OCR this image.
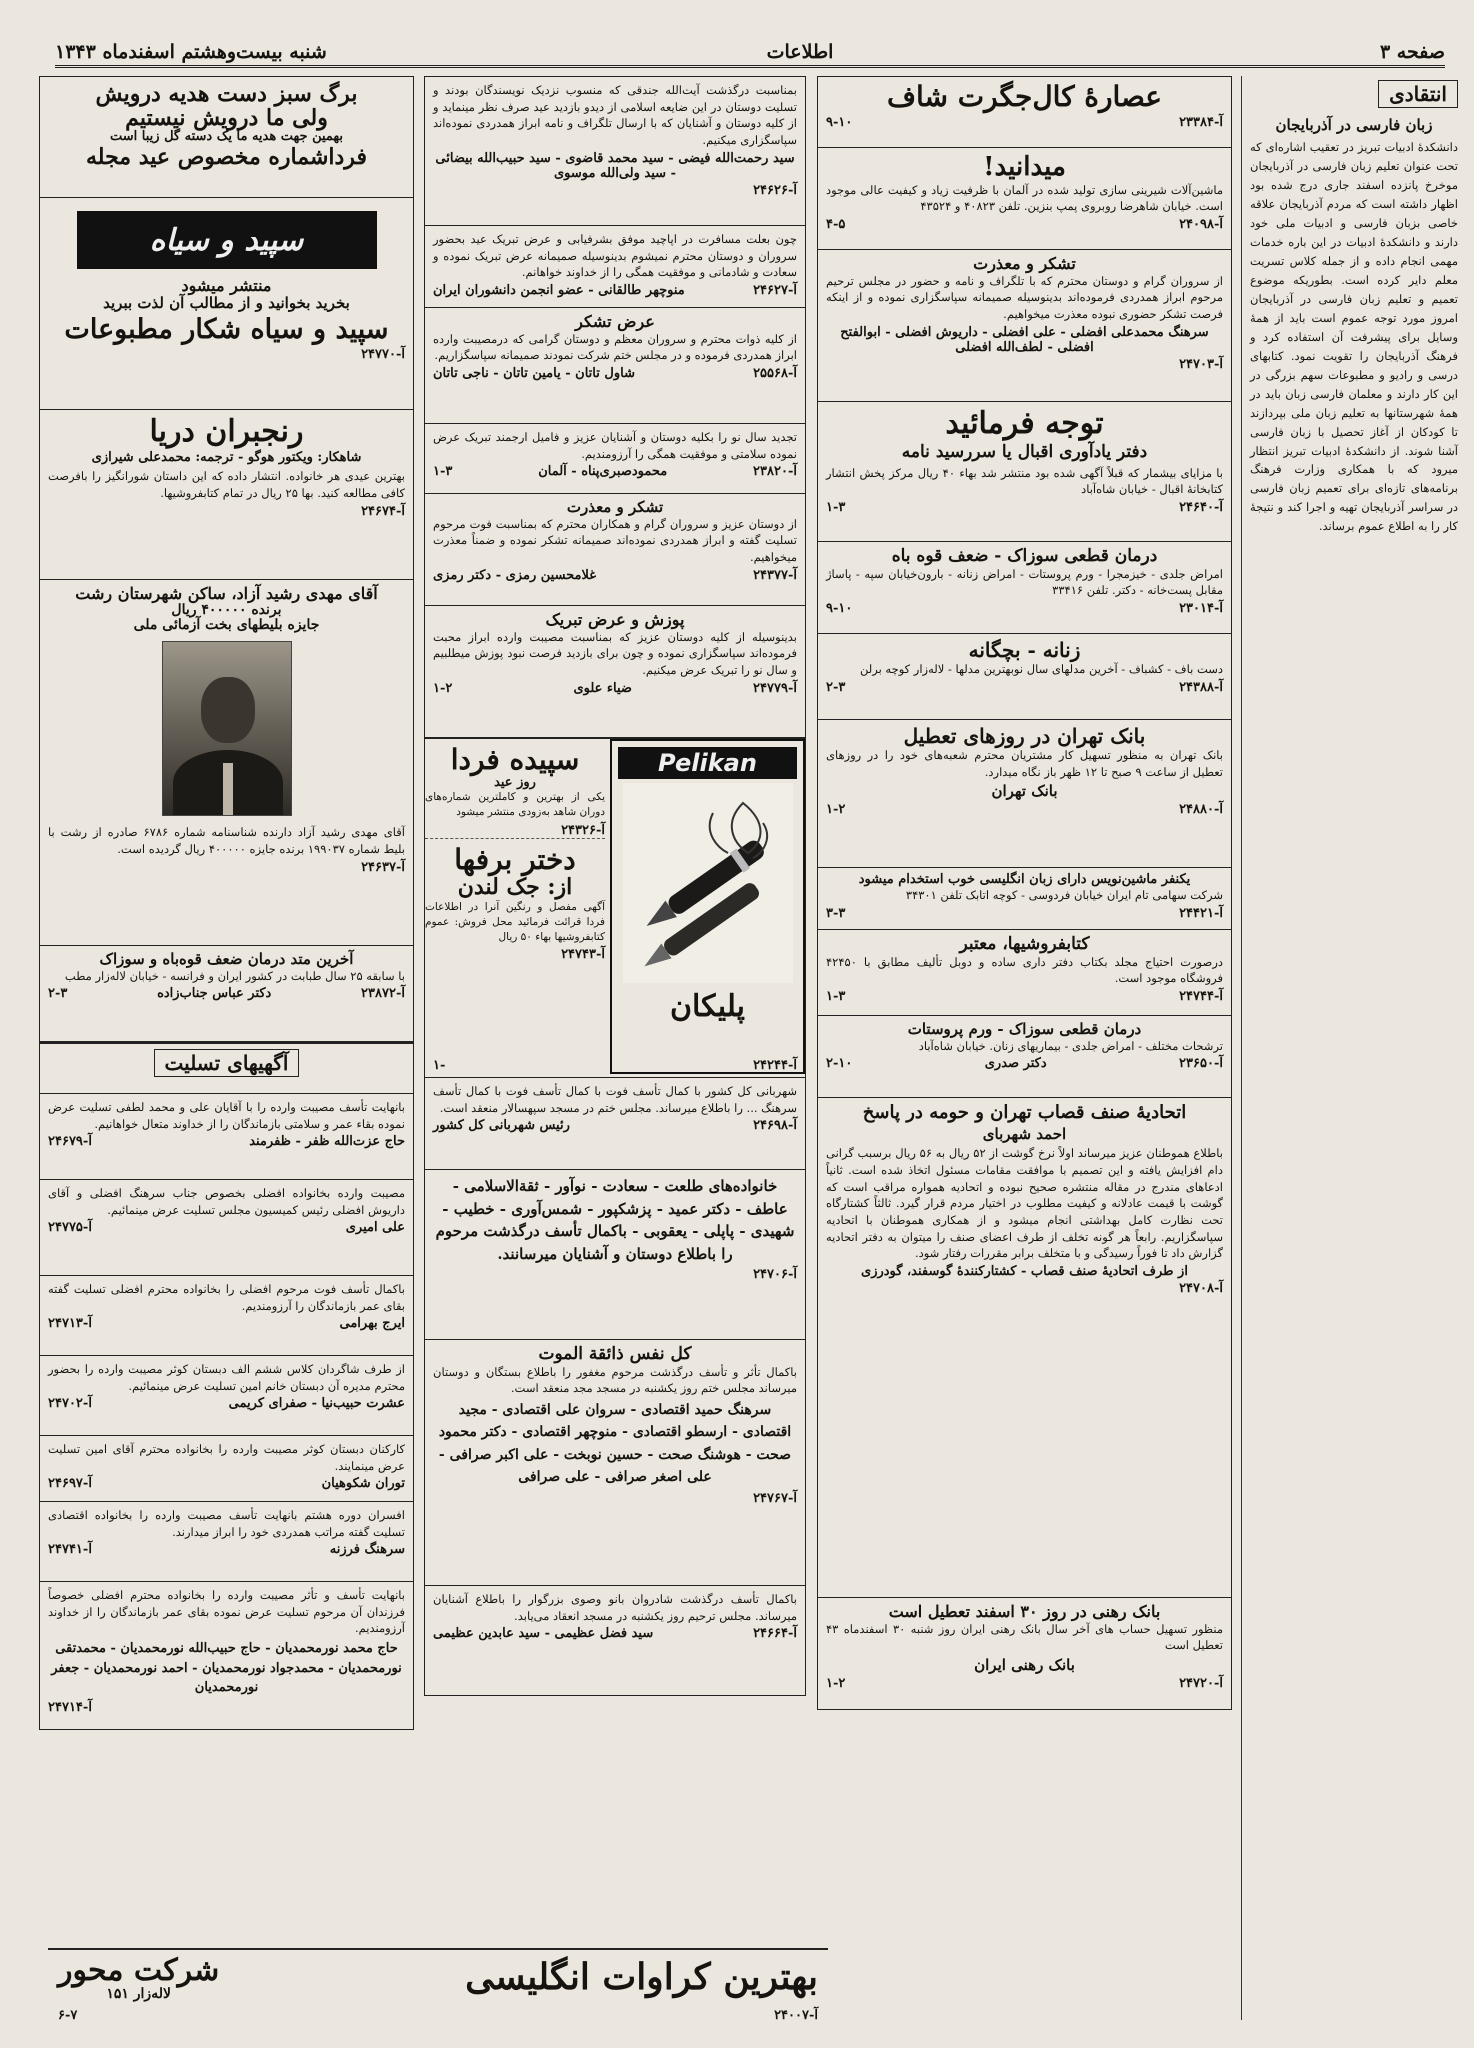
صفحه ۳
اطلاعات
شنبه بیست‌وهشتم اسفندماه ۱۳۴۳
انتقادی
زبان فارسی در آذربایجان
دانشکدهٔ ادبیات تبریز در تعقیب اشاره‌ای که تحت عنوان تعلیم زبان فارسی در آذربایجان موخرخ پانزده اسفند جاری درج شده بود اظهار داشته است که مردم آذربایجان علاقه خاصی بزبان فارسی و ادبیات ملی خود دارند و دانشکدهٔ ادبیات در این باره خدمات مهمی انجام داده و از جمله کلاس تسریت معلم دایر کرده است. بطوریکه موضوع تعمیم و تعلیم زبان فارسی در آذربایجان امروز مورد توجه عموم است باید از همهٔ وسایل برای پیشرفت آن استفاده کرد و فرهنگ آذربایجان را تقویت نمود. کتابهای درسی و رادیو و مطبوعات سهم بزرگی در این کار دارند و معلمان فارسی زبان باید در همهٔ شهرستانها به تعلیم زبان ملی بپردازند تا کودکان از آغاز تحصیل با زبان فارسی آشنا شوند. از دانشکدهٔ ادبیات تبریز انتظار میرود که با همکاری وزارت فرهنگ برنامه‌های تازه‌ای برای تعمیم زبان فارسی در سراسر آذربایجان تهیه و اجرا کند و نتیجهٔ کار را به اطلاع عموم برساند.
عصارهٔ کال‌جگرت شاف
۹-۱۰	آ-۲۳۳۸۴
میدانید!
ماشین‌آلات شیرینی سازی تولید شده در آلمان با ظرفیت زیاد و کیفیت عالی موجود است. خیابان شاهرضا روبروی پمپ بنزین. تلفن ۴۰۸۲۳ و ۴۳۵۲۴
۴-۵	آ-۲۴۰۹۸
تشکر و معذرت
از سروران گرام و دوستان محترم که با تلگراف و نامه و حضور در مجلس ترحیم مرحوم ابراز همدردی فرموده‌اند بدینوسیله صمیمانه سپاسگزاری نموده و از اینکه فرصت تشکر حضوری نبوده معذرت میخواهیم.
سرهنگ محمدعلی افضلی - علی افضلی - داریوش افضلی - ابوالفتح افضلی - لطف‌الله افضلی
آ-۲۴۷۰۳
توجه فرمائید
دفتر یادآوری اقبال یا سررسید نامه
با مزایای بیشمار که قبلاً آگهی شده بود منتشر شد بهاء ۴۰ ریال مرکز پخش انتشار کتابخانهٔ اقبال - خیابان شاه‌آباد
۱-۳	آ-۲۴۶۴۰
درمان قطعی سوزاک - ضعف قوه باه
امراض جلدی - خیزمجرا - ورم پروستات - امراض زنانه - بارون‌خیابان سپه - پاساژ مقابل پست‌خانه - دکتر. تلفن ۳۳۴۱۶
۹-۱۰	آ-۲۳۰۱۴
زنانه - بچگانه
دست باف - کشباف - ‌آخرین مدلهای سال نوبهترین مدلها - لاله‌زار کوچه برلن
۲-۳	آ-۲۴۳۸۸
بانک تهران در روزهای تعطیل
بانک تهران به منظور تسهیل کار مشتریان محترم شعبه‌های خود را در روزهای تعطیل از ساعت ۹ صبح تا ۱۲ ظهر باز نگاه میدارد.
بانک تهران
۱-۲	آ-۲۴۸۸۰
یکنفر ماشین‌نویس دارای زبان انگلیسی خوب استخدام میشود
شرکت سهامی تام ایران خیابان فردوسی - کوچه اتابک تلفن ۳۴۳۰۱
۳-۳	آ-۲۴۴۲۱
کتابفروشیها، معتبر
درصورت احتیاج مجلد بکتاب دفتر داری ساده و دوبل تألیف مطابق با ۴۲۴۵۰ فروشگاه موجود است.
۱-۳	آ-۲۴۷۴۴
درمان قطعی سوزاک - ورم پروستات
ترشحات مختلف - امراض جلدی - بیماریهای زنان. خیابان شاه‌آباد
۲-۱۰	دکتر صدری	آ-۲۳۶۵۰
اتحادیهٔ صنف قصاب تهران و حومه در پاسخ
احمد شهربای
باطلاع هموطنان عزیز میرساند اولاً نرخ گوشت از ۵۲ ریال به ۵۶ ریال برسبب گرانی دام افزایش یافته و این تصمیم با موافقت مقامات مسئول اتخاذ شده است. ثانیاً ادعاهای مندرج در مقاله منتشره صحیح نبوده و اتحادیه همواره مراقب است که گوشت با قیمت عادلانه و کیفیت مطلوب در اختیار مردم قرار گیرد. ثالثاً کشتارگاه تحت نظارت کامل بهداشتی انجام میشود و از همکاری هموطنان با اتحادیه سپاسگزاریم. رابعاً هر گونه تخلف از طرف اعضای صنف را میتوان به دفتر اتحادیه گزارش داد تا فوراً رسیدگی و با متخلف برابر مقررات رفتار شود.
از طرف اتحادیهٔ صنف قصاب - کشتارکنندهٔ گوسفند، گودرزی
آ-۲۴۷۰۸
بانک رهنی در روز ۳۰ اسفند تعطیل است
منظور تسهیل حساب های آخر سال بانک رهنی ایران روز شنبه ۳۰ اسفندماه ۴۳ تعطیل است
بانک رهنی ایران
۱-۲	آ-۲۴۷۲۰
بمناسبت درگذشت آیت‌الله جندقی که منسوب نزدیک نویسندگان بودند و تسلیت دوستان در این ضایعه اسلامی از دیدو بازدید عید صرف نظر مینماید و از کلیه دوستان و آشنایان که با ارسال تلگراف و نامه ابراز همدردی نموده‌اند سپاسگزاری میکنیم.
سید رحمت‌الله فیضی - سید محمد قاضوی - سید حبیب‌الله بیضائی - سید ولی‌الله موسوی
آ-۲۴۶۲۶
چون بعلت مسافرت در اپاچید موفق بشرفیابی و عرض تبریک عید بحضور سروران و دوستان محترم نمیشوم بدینوسیله صمیمانه عرض تبریک نموده و سعادت و شادمانی و موفقیت همگی را از خداوند خواهانم.
منوچهر طالقانی - عضو انجمن دانشوران ایران	آ-۲۴۶۲۷
عرض تشکر
از کلیه ذوات محترم و سروران معظم و دوستان گرامی که درمصیبت وارده ابراز همدردی فرموده و در مجلس ختم شرکت نمودند صمیمانه سپاسگزاریم.
شاول تاتان - یامین تاتان - ناجی تاتان	آ-۲۵۵۶۸
تجدید سال نو را بکلیه دوستان و آشنایان عزیز و فامیل ارجمند تبریک عرض نموده سلامتی و موفقیت همگی را آرزومندیم.
۱-۳	محمودصبری‌پناه - آلمان	آ-۲۳۸۲۰
تشکر و معذرت
از دوستان عزیز و سروران گرام و همکاران محترم که بمناسبت فوت مرحوم تسلیت گفته و ابراز همدردی نموده‌اند صمیمانه تشکر نموده و ضمناً معذرت میخواهیم.
غلامحسین رمزی - دکتر رمزی	آ-۲۴۳۷۷
پوزش و عرض تبریک
بدینوسیله از کلیه دوستان عزیز که بمناسبت مصیبت وارده ابراز محبت فرموده‌اند سپاسگزاری نموده و چون برای بازدید فرصت نبود پوزش میطلبیم و سال نو را تبریک عرض میکنیم.
۱-۲	ضیاء علوی	آ-۲۴۷۷۹
Pelikan
پلیکان
سپیده فردا
روز عید
یکی از بهترین و کاملترین شماره‌های دوران شاهد به‌زودی منتشر میشود
آ-۲۴۳۲۶
دختر برفها
از: جک لندن
آگهی مفصل و رنگین آنرا در اطلاعات فردا قرائت فرمائید محل فروش: عموم کتابفروشیها بهاء ۵۰ ریال
آ-۲۴۷۴۳
۱-	آ-۲۴۲۴۴
شهربانی کل کشور با کمال تأسف فوت با کمال تأسف فوت با کمال تأسف سرهنگ ... را باطلاع میرساند. مجلس ختم در مسجد سپهسالار منعقد است.
رئیس شهربانی کل کشور	آ-۲۴۶۹۸
خانواده‌های طلعت - سعادت - نوآور - ثقة‌الاسلامی - عاطف - دکتر عمید - پزشکپور - شمس‌آوری - خطیب - شهیدی - پاپلی - یعقوبی - باکمال تأسف درگذشت مرحوم را باطلاع دوستان و آشنایان میرسانند.
آ-۲۴۷۰۶
کل نفس ذائقة الموت
باکمال تأثر و تأسف درگذشت مرحوم مغفور را باطلاع بستگان و دوستان میرساند مجلس ختم روز یکشنبه در مسجد مجد منعقد است.
سرهنگ حمید اقتصادی - سروان علی اقتصادی - مجید اقتصادی - ارسطو اقتصادی - منوچهر اقتصادی - دکتر محمود صحت - هوشنگ صحت - حسین نوبخت - علی اکبر صرافی - علی اصغر صرافی - علی صرافی
آ-۲۴۷۶۷
باکمال تأسف درگذشت شادروان بانو وصوی بزرگوار را باطلاع آشنایان میرساند. مجلس ترحیم روز یکشنبه در مسجد انعقاد می‌یابد.
سید فضل عظیمی - سید عابدین عظیمی	آ-۲۴۶۶۴
برگ سبز دست هدیه درویش
ولی ما درویش نیستیم
بهمین جهت هدیه ما یک دسته گل زیبا است
فرداشماره مخصوص عید مجله
سپید و سیاه
منتشر میشود
بخرید بخوانید و از مطالب آن لذت ببرید
سپید و سیاه شکار مطبوعات
آ-۲۴۷۷۰
رنجبران دریا
شاهکار: ویکتور هوگو - ترجمه: محمدعلی شیرازی
بهترین عیدی هر خانواده. انتشار داده که این داستان شورانگیز را بافرصت کافی مطالعه کنید. بها ۲۵ ریال در تمام کتابفروشیها.
آ-۲۴۶۷۴
آقای مهدی رشید آزاد، ساکن شهرستان رشت
برنده ۴۰۰۰۰۰ ریال
جایزه بلیطهای بخت آزمائی ملی
آقای مهدی رشید آزاد دارنده شناسنامه شماره ۶۷۸۶ صادره از رشت با بلیط شماره ۱۹۹۰۳۷ برنده جایزه ۴۰۰۰۰۰ ریال گردیده است.
آ-۲۴۶۳۷
آخرین متد درمان ضعف قوه‌باه و سوزاک
با سابقه ۲۵ سال طبابت در کشور ایران و فرانسه - خیابان لاله‌زار مطب
۲-۳	دکتر عباس جناب‌زاده	آ-۲۳۸۷۲
آگهیهای تسلیت
بانهایت تأسف مصیبت وارده را با آقایان علی و محمد لطفی تسلیت عرض نموده بقاء عمر و سلامتی بازماندگان را از خداوند متعال خواهانیم.
آ-۲۴۶۷۹	حاج عزت‌الله ظفر - ظفرمند
مصیبت وارده بخانواده افضلی بخصوص جناب سرهنگ افضلی و آقای داریوش افضلی رئیس کمیسیون مجلس تسلیت عرض مینمائیم.
آ-۲۴۷۷۵	علی امیری
باکمال تأسف فوت مرحوم افضلی را بخانواده محترم افضلی تسلیت گفته بقای عمر بازماندگان را آرزومندیم.
آ-۲۴۷۱۳	ایرج بهرامی
از طرف شاگردان کلاس ششم الف دبستان کوثر مصیبت وارده را بحضور محترم مدیره آن دبستان خانم امین تسلیت عرض مینمائیم.
آ-۲۴۷۰۲	عشرت حبیب‌نیا - صفرای کریمی
کارکنان دبستان کوثر مصیبت وارده را بخانواده محترم آقای امین تسلیت عرض مینمایند.
آ-۲۴۶۹۷	توران شکوهیان
افسران دوره هشتم بانهایت تأسف مصیبت وارده را بخانواده اقتصادی تسلیت گفته مراتب همدردی خود را ابراز میدارند.
آ-۲۴۷۴۱	سرهنگ فرزنه
بانهایت تأسف و تأثر مصیبت وارده را بخانواده محترم افضلی خصوصاً فرزندان آن مرحوم تسلیت عرض نموده بقای عمر بازماندگان را از خداوند آرزومندیم.
حاج محمد نورمحمدیان - حاج حبیب‌الله نورمحمدیان - محمدتقی نورمحمدیان - محمدجواد نورمحمدیان - احمد نورمحمدیان - جعفر نورمحمدیان
آ-۲۴۷۱۴
بهترین کراوات انگلیسی
شرکت محور
لاله‌زار ۱۵۱
۶-۷	آ-۲۴۰۰۷
